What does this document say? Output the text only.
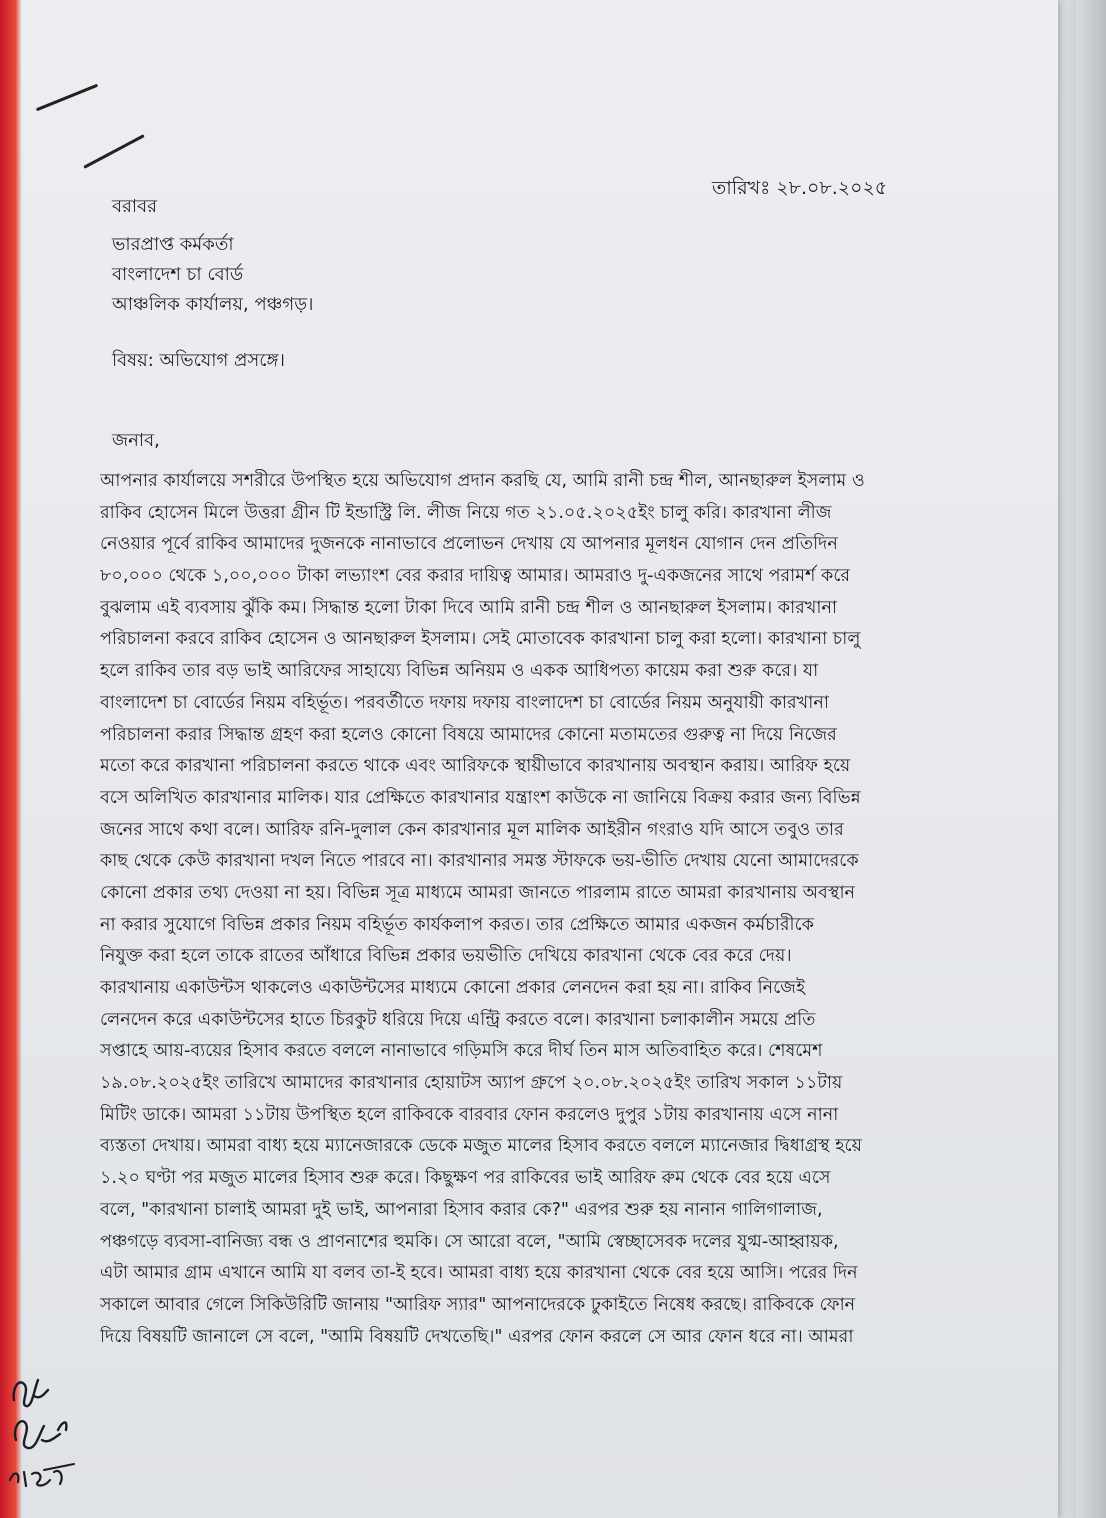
তারিখঃ ২৮.০৮.২০২৫
বরাবর
ভারপ্রাপ্ত কর্মকর্তা
বাংলাদেশ চা বোর্ড
আঞ্চলিক কার্যালয়, পঞ্চগড়।
বিষয়: অভিযোগ প্রসঙ্গে।
জনাব,
আপনার কার্যালয়ে সশরীরে উপস্থিত হয়ে অভিযোগ প্রদান করছি যে, আমি রানী চন্দ্র শীল, আনছারুল ইসলাম ও
রাকিব হোসেন মিলে উত্তরা গ্রীন টি ইন্ডাস্ট্রি লি. লীজ নিয়ে গত ২১.০৫.২০২৫ইং চালু করি। কারখানা লীজ
নেওয়ার পূর্বে রাকিব আমাদের দুজনকে নানাভাবে প্রলোভন দেখায় যে আপনার মূলধন যোগান দেন প্রতিদিন
৮০,০০০ থেকে ১,০০,০০০ টাকা লভ্যাংশ বের করার দায়িত্ব আমার। আমরাও দু-একজনের সাথে পরামর্শ করে
বুঝলাম এই ব্যবসায় ঝুঁকি কম। সিদ্ধান্ত হলো টাকা দিবে আমি রানী চন্দ্র শীল ও আনছারুল ইসলাম। কারখানা
পরিচালনা করবে রাকিব হোসেন ও আনছারুল ইসলাম। সেই মোতাবেক কারখানা চালু করা হলো। কারখানা চালু
হলে রাকিব তার বড় ভাই আরিফের সাহায্যে বিভিন্ন অনিয়ম ও একক আধিপত্য কায়েম করা শুরু করে। যা
বাংলাদেশ চা বোর্ডের নিয়ম বহির্ভূত। পরবর্তীতে দফায় দফায় বাংলাদেশ চা বোর্ডের নিয়ম অনুযায়ী কারখানা
পরিচালনা করার সিদ্ধান্ত গ্রহণ করা হলেও কোনো বিষয়ে আমাদের কোনো মতামতের গুরুত্ব না দিয়ে নিজের
মতো করে কারখানা পরিচালনা করতে থাকে এবং আরিফকে স্থায়ীভাবে কারখানায় অবস্থান করায়। আরিফ হয়ে
বসে অলিখিত কারখানার মালিক। যার প্রেক্ষিতে কারখানার যন্ত্রাংশ কাউকে না জানিয়ে বিক্রয় করার জন্য বিভিন্ন
জনের সাথে কথা বলে। আরিফ রনি-দুলাল কেন কারখানার মূল মালিক আইরীন গংরাও যদি আসে তবুও তার
কাছ থেকে কেউ কারখানা দখল নিতে পারবে না। কারখানার সমস্ত স্টাফকে ভয়-ভীতি দেখায় যেনো আমাদেরকে
কোনো প্রকার তথ্য দেওয়া না হয়। বিভিন্ন সূত্র মাধ্যমে আমরা জানতে পারলাম রাতে আমরা কারখানায় অবস্থান
না করার সুযোগে বিভিন্ন প্রকার নিয়ম বহির্ভূত কার্যকলাপ করত। তার প্রেক্ষিতে আমার একজন কর্মচারীকে
নিযুক্ত করা হলে তাকে রাতের আঁধারে বিভিন্ন প্রকার ভয়ভীতি দেখিয়ে কারখানা থেকে বের করে দেয়।
কারখানায় একাউন্টস থাকলেও একাউন্টসের মাধ্যমে কোনো প্রকার লেনদেন করা হয় না। রাকিব নিজেই
লেনদেন করে একাউন্টসের হাতে চিরকুট ধরিয়ে দিয়ে এন্ট্রি করতে বলে। কারখানা চলাকালীন সময়ে প্রতি
সপ্তাহে আয়-ব্যয়ের হিসাব করতে বললে নানাভাবে গড়িমসি করে দীর্ঘ তিন মাস অতিবাহিত করে। শেষমেশ
১৯.০৮.২০২৫ইং তারিখে আমাদের কারখানার হোয়াটস অ্যাপ গ্রুপে ২০.০৮.২০২৫ইং তারিখ সকাল ১১টায়
মিটিং ডাকে। আমরা ১১টায় উপস্থিত হলে রাকিবকে বারবার ফোন করলেও দুপুর ১টায় কারখানায় এসে নানা
ব্যস্ততা দেখায়। আমরা বাধ্য হয়ে ম্যানেজারকে ডেকে মজুত মালের হিসাব করতে বললে ম্যানেজার দ্বিধাগ্রস্থ হয়ে
১.২০ ঘণ্টা পর মজুত মালের হিসাব শুরু করে। কিছুক্ষণ পর রাকিবের ভাই আরিফ রুম থেকে বের হয়ে এসে
বলে, "কারখানা চালাই আমরা দুই ভাই, আপনারা হিসাব করার কে?" এরপর শুরু হয় নানান গালিগালাজ,
পঞ্চগড়ে ব্যবসা-বানিজ্য বন্ধ ও প্রাণনাশের হুমকি। সে আরো বলে, "আমি স্বেচ্ছাসেবক দলের যুগ্ম-আহ্বায়ক,
এটা আমার গ্রাম এখানে আমি যা বলব তা-ই হবে। আমরা বাধ্য হয়ে কারখানা থেকে বের হয়ে আসি। পরের দিন
সকালে আবার গেলে সিকিউরিটি জানায় "আরিফ স্যার" আপনাদেরকে ঢুকাইতে নিষেধ করছে। রাকিবকে ফোন
দিয়ে বিষয়টি জানালে সে বলে, "আমি বিষয়টি দেখতেছি।" এরপর ফোন করলে সে আর ফোন ধরে না। আমরা
